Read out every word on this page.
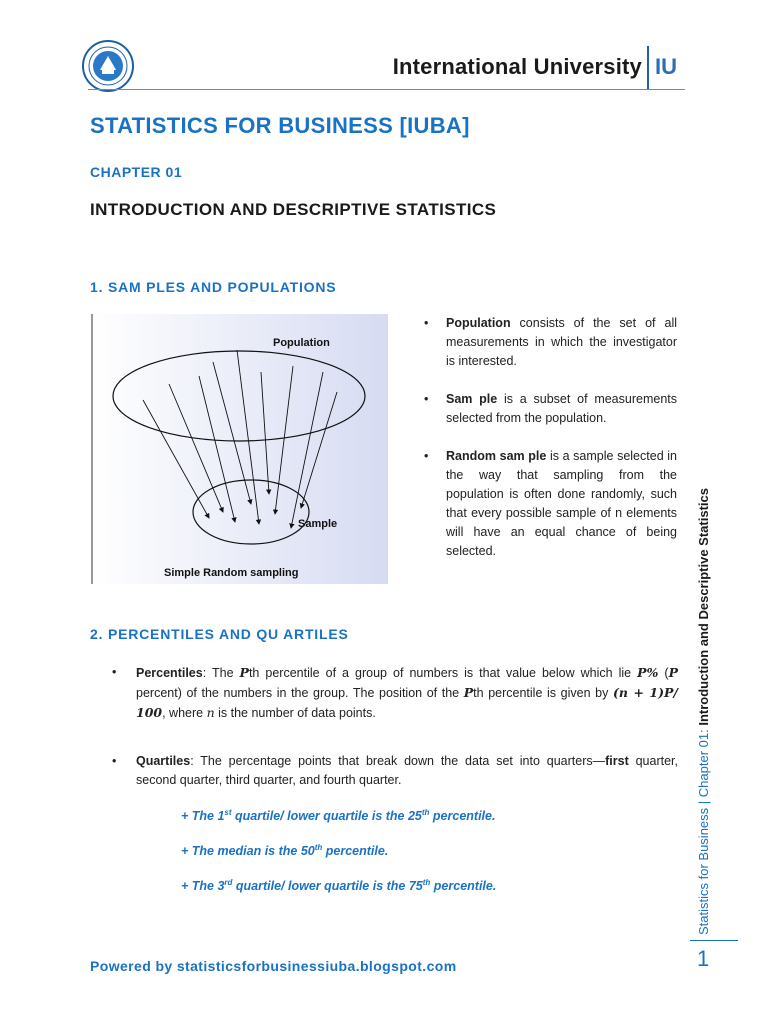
International University IU
STATISTICS FOR BUSINESS [IUBA]
CHAPTER 01
INTRODUCTION AND DESCRIPTIVE STATISTICS
1. SAM PLES AND POPULATIONS
Population
Sample
Simple Random sampling
• Population consists of the set of all measurements in which the investigator is interested.
• Sam ple is a subset of measurements selected from the population.
• Random sam ple is a sample selected in the way that sampling from the population is often done randomly, such that every possible sample of n elements will have an equal chance of being selected.
2. PERCENTILES AND QU ARTILES
• Percentiles: The Pth percentile of a group of numbers is that value below which lie P% (P percent) of the numbers in the group. The position of the Pth percentile is given by (n + 1)P/ 100, where n is the number of data points.
• Quartiles: The percentage points that break down the data set into quarters—first quarter, second quarter, third quarter, and fourth quarter.
+ The 1st quartile/ lower quartile is the 25th percentile.
+ The median is the 50th percentile.
+ The 3rd quartile/ lower quartile is the 75th percentile.
Powered by statisticsforbusinessiuba.blogspot.com
Statistics for Business | Chapter 01: Introduction and Descriptive Statistics
1
